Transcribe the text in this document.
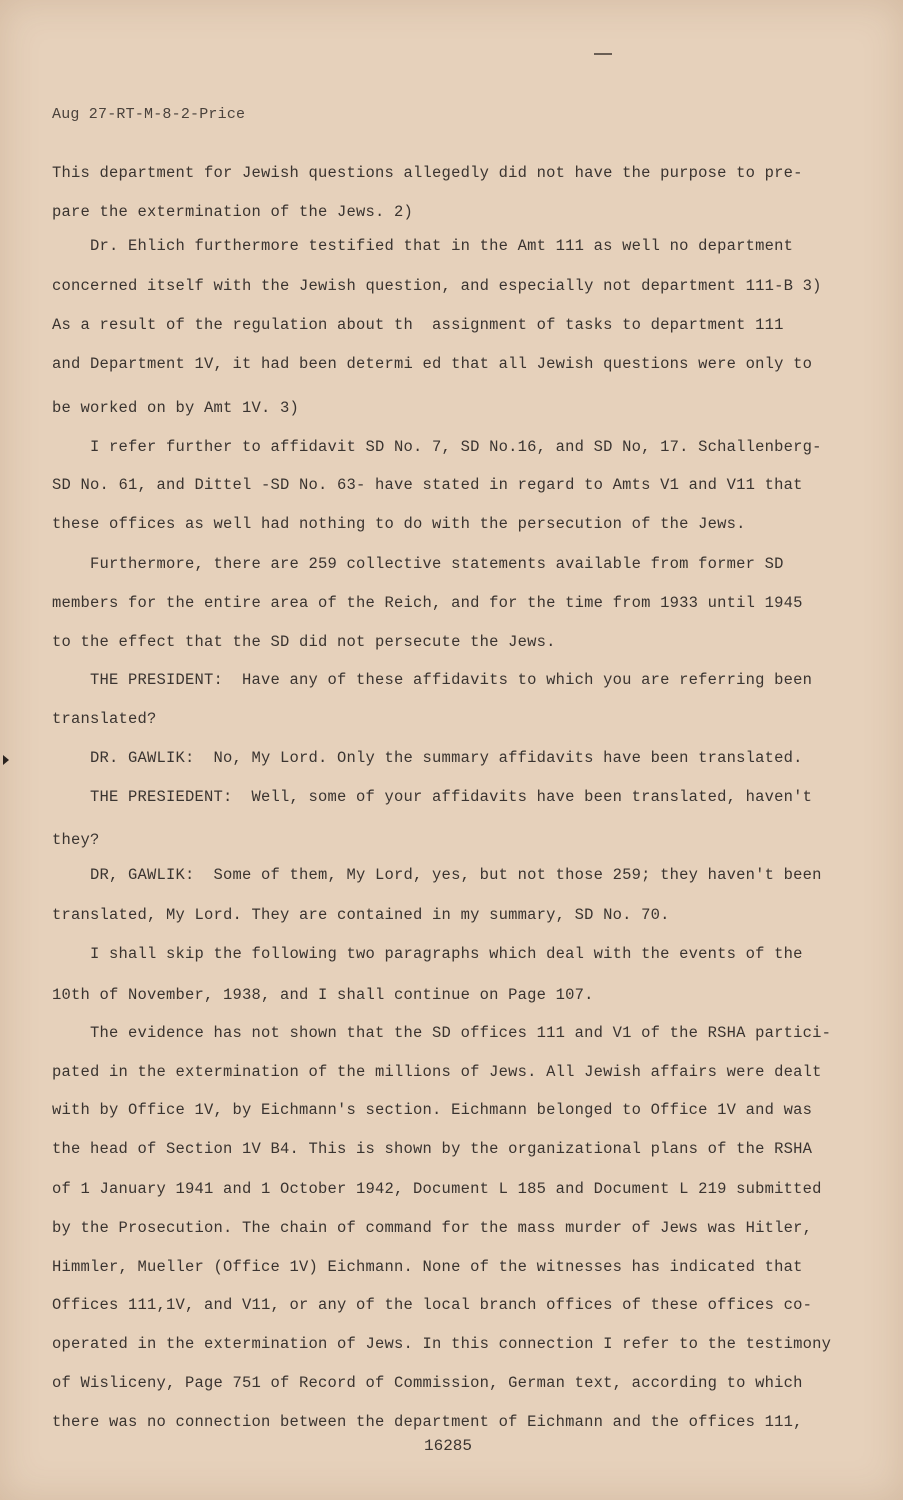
Aug 27-RT-M-8-2-Price
This department for Jewish questions allegedly did not have the purpose to pre-
pare the extermination of the Jews. 2)
Dr. Ehlich furthermore testified that in the Amt 111 as well no department
concerned itself with the Jewish question, and especially not department 111-B 3)
As a result of the regulation about th  assignment of tasks to department 111
and Department 1V, it had been determi ed that all Jewish questions were only to
be worked on by Amt 1V. 3)
I refer further to affidavit SD No. 7, SD No.16, and SD No, 17. Schallenberg-
SD No. 61, and Dittel -SD No. 63- have stated in regard to Amts V1 and V11 that
these offices as well had nothing to do with the persecution of the Jews.
Furthermore, there are 259 collective statements available from former SD
members for the entire area of the Reich, and for the time from 1933 until 1945
to the effect that the SD did not persecute the Jews.
THE PRESIDENT:  Have any of these affidavits to which you are referring been
translated?
DR. GAWLIK:  No, My Lord. Only the summary affidavits have been translated.
THE PRESIEDENT:  Well, some of your affidavits have been translated, haven't
they?
DR, GAWLIK:  Some of them, My Lord, yes, but not those 259; they haven't been
translated, My Lord. They are contained in my summary, SD No. 70.
I shall skip the following two paragraphs which deal with the events of the
10th of November, 1938, and I shall continue on Page 107.
The evidence has not shown that the SD offices 111 and V1 of the RSHA partici-
pated in the extermination of the millions of Jews. All Jewish affairs were dealt
with by Office 1V, by Eichmann's section. Eichmann belonged to Office 1V and was
the head of Section 1V B4. This is shown by the organizational plans of the RSHA
of 1 January 1941 and 1 October 1942, Document L 185 and Document L 219 submitted
by the Prosecution. The chain of command for the mass murder of Jews was Hitler,
Himmler, Mueller (Office 1V) Eichmann. None of the witnesses has indicated that
Offices 111,1V, and V11, or any of the local branch offices of these offices co-
operated in the extermination of Jews. In this connection I refer to the testimony
of Wisliceny, Page 751 of Record of Commission, German text, according to which
there was no connection between the department of Eichmann and the offices 111,
16285
